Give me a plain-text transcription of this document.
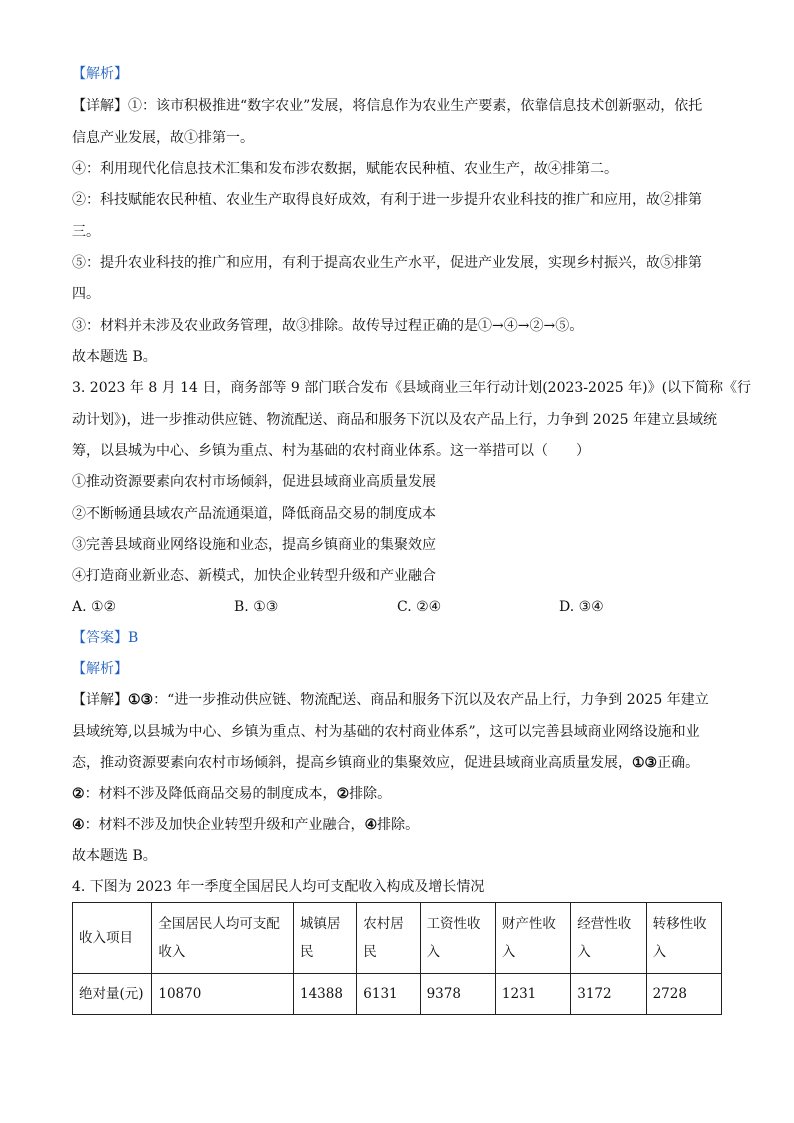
【解析】
【详解】①：该市积极推进“数字农业”发展，将信息作为农业生产要素，依靠信息技术创新驱动，依托
信息产业发展，故①排第一。
④：利用现代化信息技术汇集和发布涉农数据，赋能农民种植、农业生产，故④排第二。
②：科技赋能农民种植、农业生产取得良好成效，有利于进一步提升农业科技的推广和应用，故②排第
三。
⑤：提升农业科技的推广和应用，有利于提高农业生产水平，促进产业发展，实现乡村振兴，故⑤排第
四。
③：材料并未涉及农业政务管理，故③排除。故传导过程正确的是①→④→②→⑤。
故本题选 B。
3. 2023 年 8 月 14 日，商务部等 9 部门联合发布《县域商业三年行动计划(2023-2025 年)》(以下简称《行
动计划》)，进一步推动供应链、物流配送、商品和服务下沉以及农产品上行，力争到 2025 年建立县域统
筹，以县城为中心、乡镇为重点、村为基础的农村商业体系。这一举措可以（　　）
①推动资源要素向农村市场倾斜，促进县域商业高质量发展
②不断畅通县域农产品流通渠道，降低商品交易的制度成本
③完善县域商业网络设施和业态，提高乡镇商业的集聚效应
④打造商业新业态、新模式，加快企业转型升级和产业融合
A. ①②	B. ①③	C. ②④	D. ③④
【答案】B
【解析】
【详解】①③：“进一步推动供应链、物流配送、商品和服务下沉以及农产品上行，力争到 2025 年建立
县域统筹,以县城为中心、乡镇为重点、村为基础的农村商业体系”，这可以完善县域商业网络设施和业
态，推动资源要素向农村市场倾斜，提高乡镇商业的集聚效应，促进县域商业高质量发展，①③正确。
②：材料不涉及降低商品交易的制度成本，②排除。
④：材料不涉及加快企业转型升级和产业融合，④排除。
故本题选 B。
4. 下图为 2023 年一季度全国居民人均可支配收入构成及增长情况
收入项目	全国居民人均可支配收入	城镇居民	农村居民	工资性收入	财产性收入	经营性收入	转移性收入
绝对量(元)	10870	14388	6131	9378	1231	3172	2728
